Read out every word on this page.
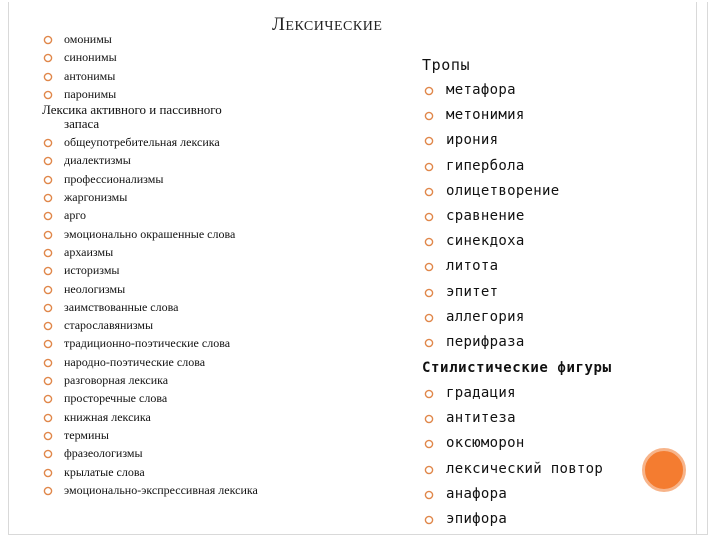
ЛЕКСИЧЕСКИЕ
омонимы
синонимы
антонимы
паронимы
Лексика активного и пассивного
запаса
общеупотребительная лексика
диалектизмы
профессионализмы
жаргонизмы
арго
эмоционально окрашенные слова
архаизмы
историзмы
неологизмы
заимствованные слова
старославянизмы
традиционно-поэтические слова
народно-поэтические слова
разговорная лексика
просторечные слова
книжная лексика
термины
фразеологизмы
крылатые слова
эмоционально-экспрессивная лексика
Тропы
метафора
метонимия
ирония
гипербола
олицетворение
сравнение
синекдоха
литота
эпитет
аллегория
перифраза
Стилистические фигуры
градация
антитеза
оксюморон
лексический повтор
анафора
эпифора
